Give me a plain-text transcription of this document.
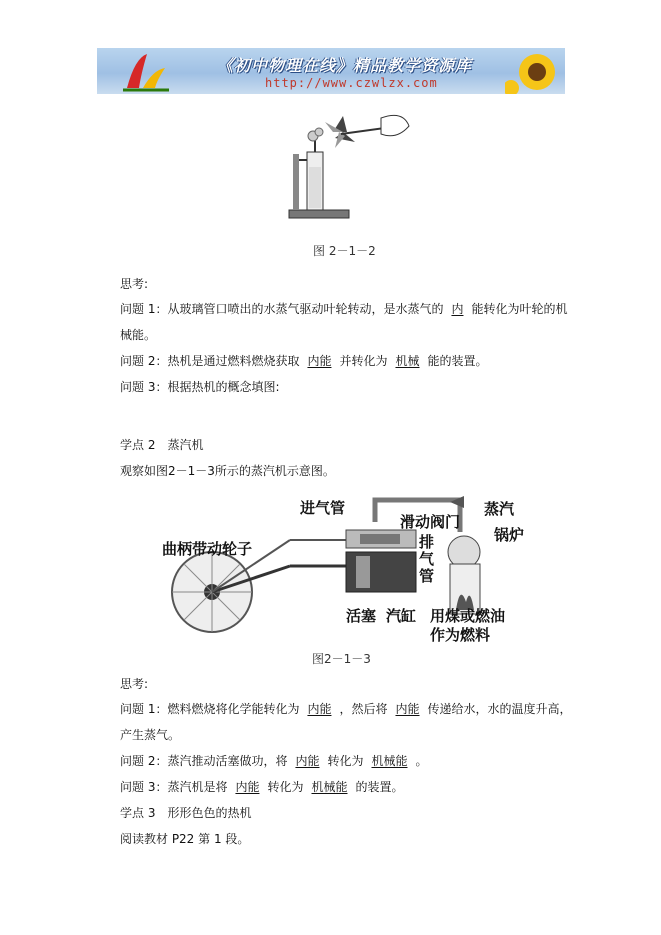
《初中物理在线》精品教学资源库
http://www.czwlzx.com
图 2－1－2
思考:
问题 1：从玻璃管口喷出的水蒸气驱动叶轮转动，是水蒸气的 内 能转化为叶轮的机
械能。
问题 2：热机是通过燃料燃烧获取 内能 并转化为 机械 能的装置。
问题 3：根据热机的概念填图:
学点 2　蒸汽机
观察如图2－1－3所示的蒸汽机示意图。
进气管	蒸汽
滑动阀门
锅炉
曲柄带动轮子	排气管
活塞 汽缸 用煤或燃油
作为燃料
图2－1－3
思考:
问题 1：燃料燃烧将化学能转化为 内能 ，然后将 内能 传递给水，水的温度升高，
产生蒸气。
问题 2：蒸汽推动活塞做功，将 内能 转化为 机械能 。
问题 3：蒸汽机是将 内能 转化为 机械能 的装置。
学点 3　形形色色的热机
阅读教材 P22 第 1 段。
